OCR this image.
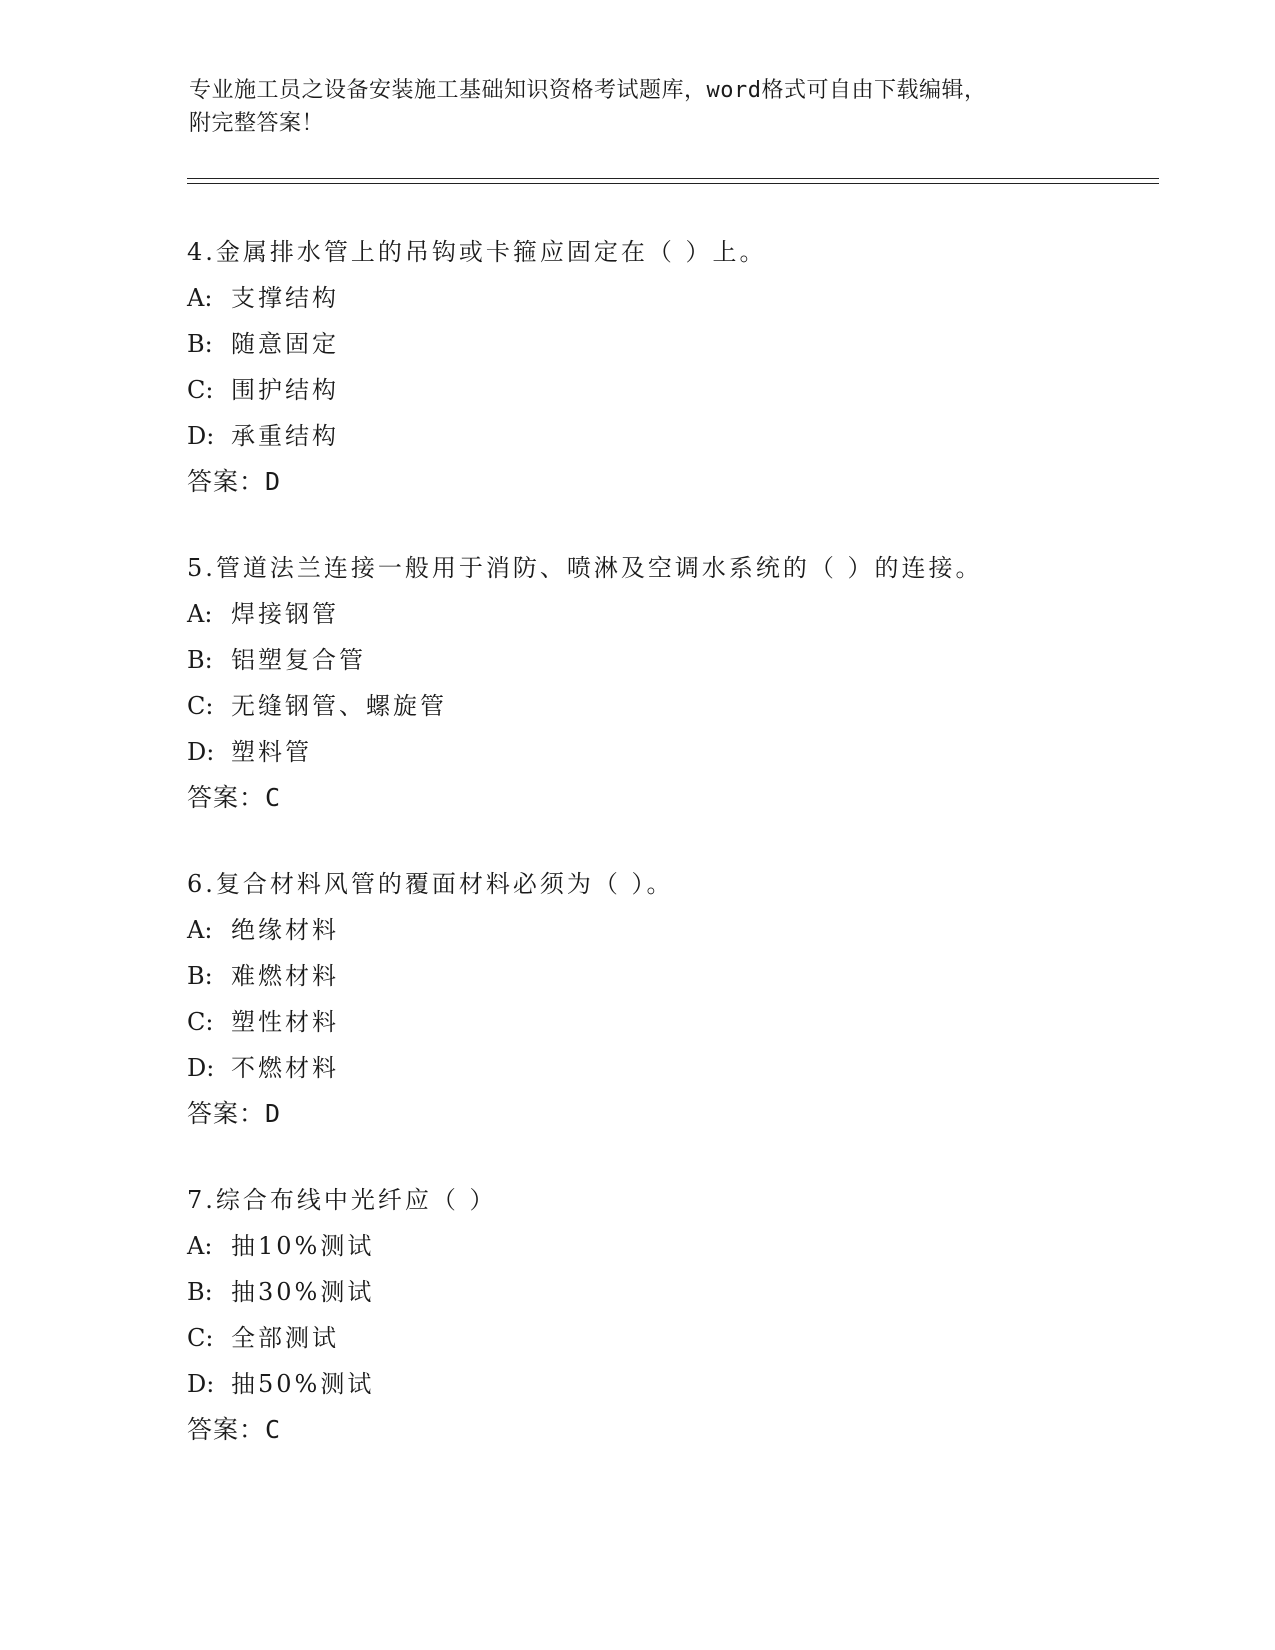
专业施工员之设备安装施工基础知识资格考试题库，word格式可自由下载编辑，
附完整答案！
4.金属排水管上的吊钩或卡箍应固定在（ ）上。
A: 支撑结构
B: 随意固定
C: 围护结构
D: 承重结构
答案：D
5.管道法兰连接一般用于消防、喷淋及空调水系统的（ ）的连接。
A: 焊接钢管
B: 铝塑复合管
C: 无缝钢管、螺旋管
D: 塑料管
答案：C
6.复合材料风管的覆面材料必须为（ ）。
A: 绝缘材料
B: 难燃材料
C: 塑性材料
D: 不燃材料
答案：D
7.综合布线中光纤应（ ）
A: 抽10%测试
B: 抽30%测试
C: 全部测试
D: 抽50%测试
答案：C
